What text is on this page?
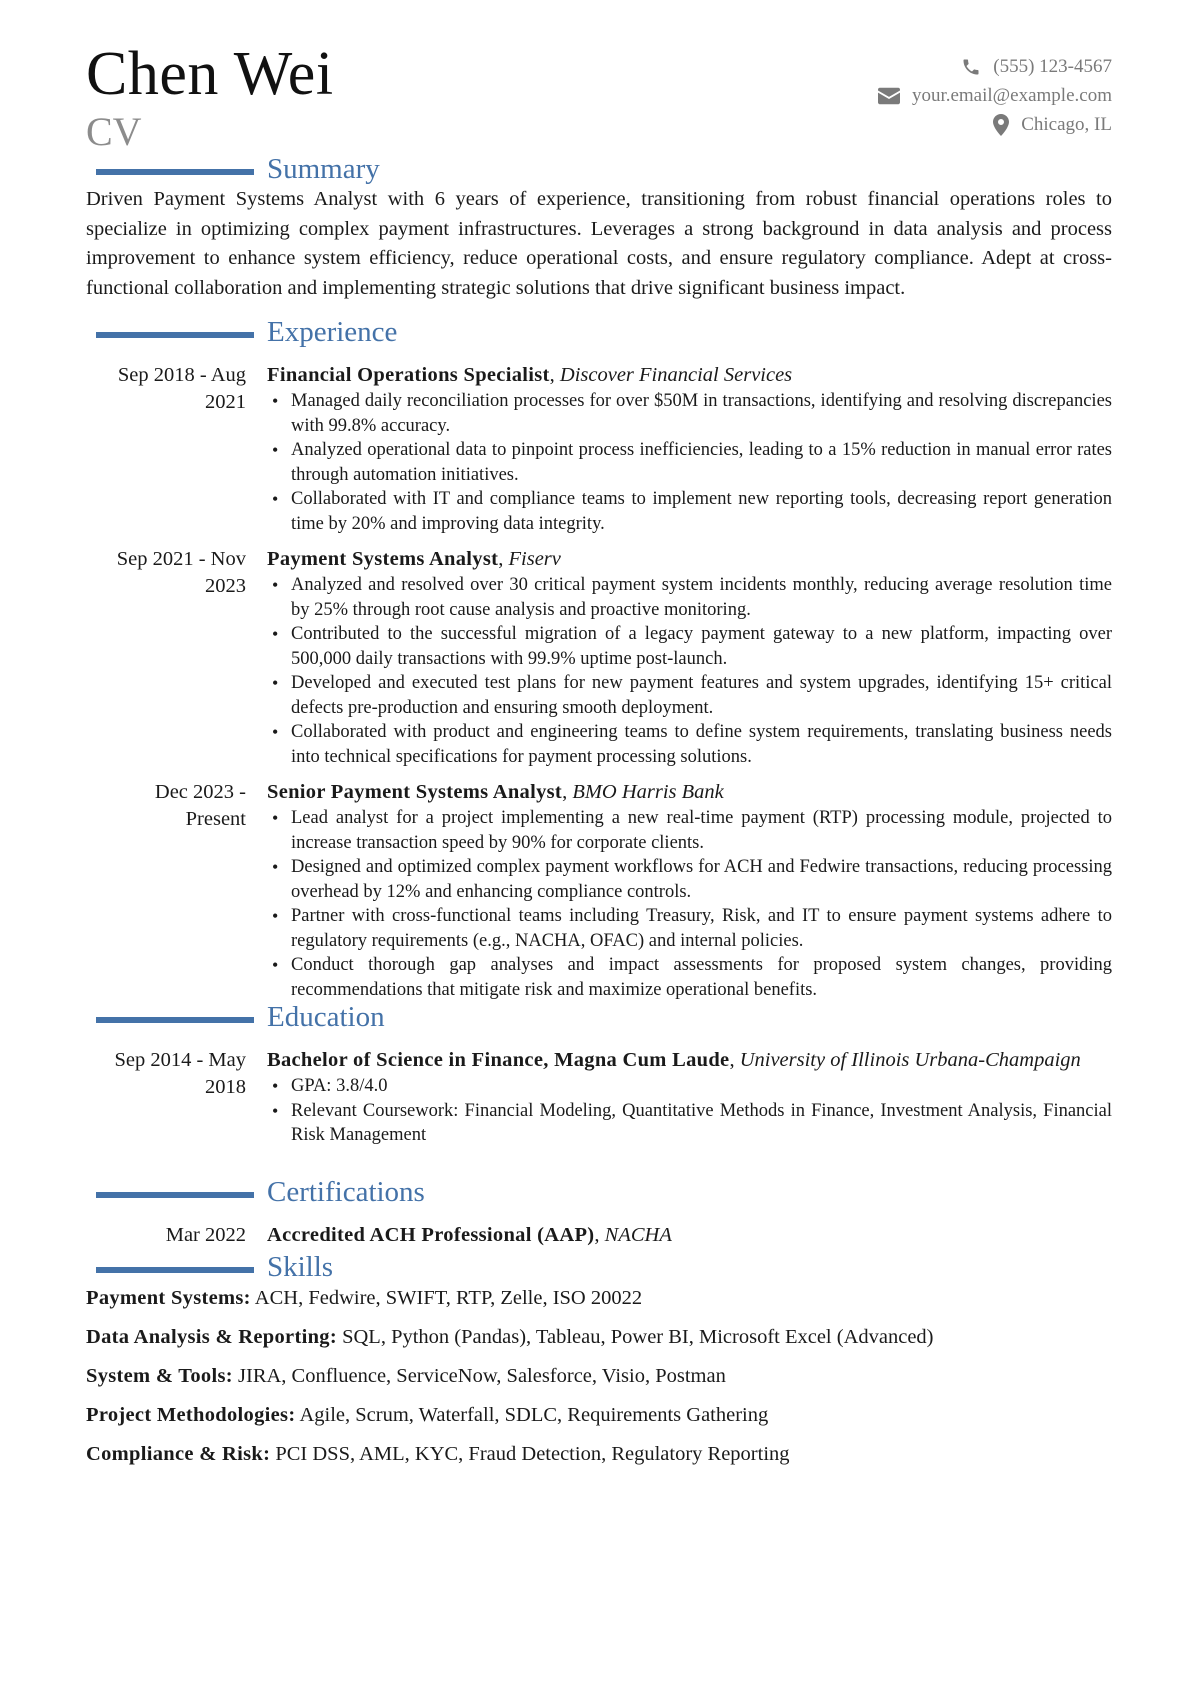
Chen Wei
CV
(555) 123-4567
your.email@example.com
Chicago, IL
Summary

Driven Payment Systems Analyst with 6 years of experience, transitioning from robust financial operations roles to specialize in optimizing complex payment infrastructures. Leverages a strong background in data analysis and process improvement to enhance system efficiency, reduce operational costs, and ensure regulatory compliance. Adept at cross-functional collaboration and implementing strategic solutions that drive significant business impact.

Experience
Sep 2018 - Aug
2021
Financial Operations Specialist, Discover Financial Services
• Managed daily reconciliation processes for over $50M in transactions, identifying and resolving discrepancies with 99.8% accuracy.
• Analyzed operational data to pinpoint process inefficiencies, leading to a 15% reduction in manual error rates through automation initiatives.
• Collaborated with IT and compliance teams to implement new reporting tools, decreasing report generation time by 20% and improving data integrity.
Sep 2021 - Nov
2023
Payment Systems Analyst, Fiserv
• Analyzed and resolved over 30 critical payment system incidents monthly, reducing average resolution time by 25% through root cause analysis and proactive monitoring.
• Contributed to the successful migration of a legacy payment gateway to a new platform, impacting over 500,000 daily transactions with 99.9% uptime post-launch.
• Developed and executed test plans for new payment features and system upgrades, identifying 15+ critical defects pre-production and ensuring smooth deployment.
• Collaborated with product and engineering teams to define system requirements, translating business needs into technical specifications for payment processing solutions.
Dec 2023 -
Present
Senior Payment Systems Analyst, BMO Harris Bank
• Lead analyst for a project implementing a new real-time payment (RTP) processing module, projected to increase transaction speed by 90% for corporate clients.
• Designed and optimized complex payment workflows for ACH and Fedwire transactions, reducing processing overhead by 12% and enhancing compliance controls.
• Partner with cross-functional teams including Treasury, Risk, and IT to ensure payment systems adhere to regulatory requirements (e.g., NACHA, OFAC) and internal policies.
• Conduct thorough gap analyses and impact assessments for proposed system changes, providing recommendations that mitigate risk and maximize operational benefits.
Education
Sep 2014 - May
2018
Bachelor of Science in Finance, Magna Cum Laude, University of Illinois Urbana-Champaign
• GPA: 3.8/4.0
• Relevant Coursework: Financial Modeling, Quantitative Methods in Finance, Investment Analysis, Financial Risk Management
Certifications
Mar 2022 Accredited ACH Professional (AAP), NACHA
Skills
Payment Systems: ACH, Fedwire, SWIFT, RTP, Zelle, ISO 20022
Data Analysis & Reporting: SQL, Python (Pandas), Tableau, Power BI, Microsoft Excel (Advanced)
System & Tools: JIRA, Confluence, ServiceNow, Salesforce, Visio, Postman
Project Methodologies: Agile, Scrum, Waterfall, SDLC, Requirements Gathering
Compliance & Risk: PCI DSS, AML, KYC, Fraud Detection, Regulatory Reporting
